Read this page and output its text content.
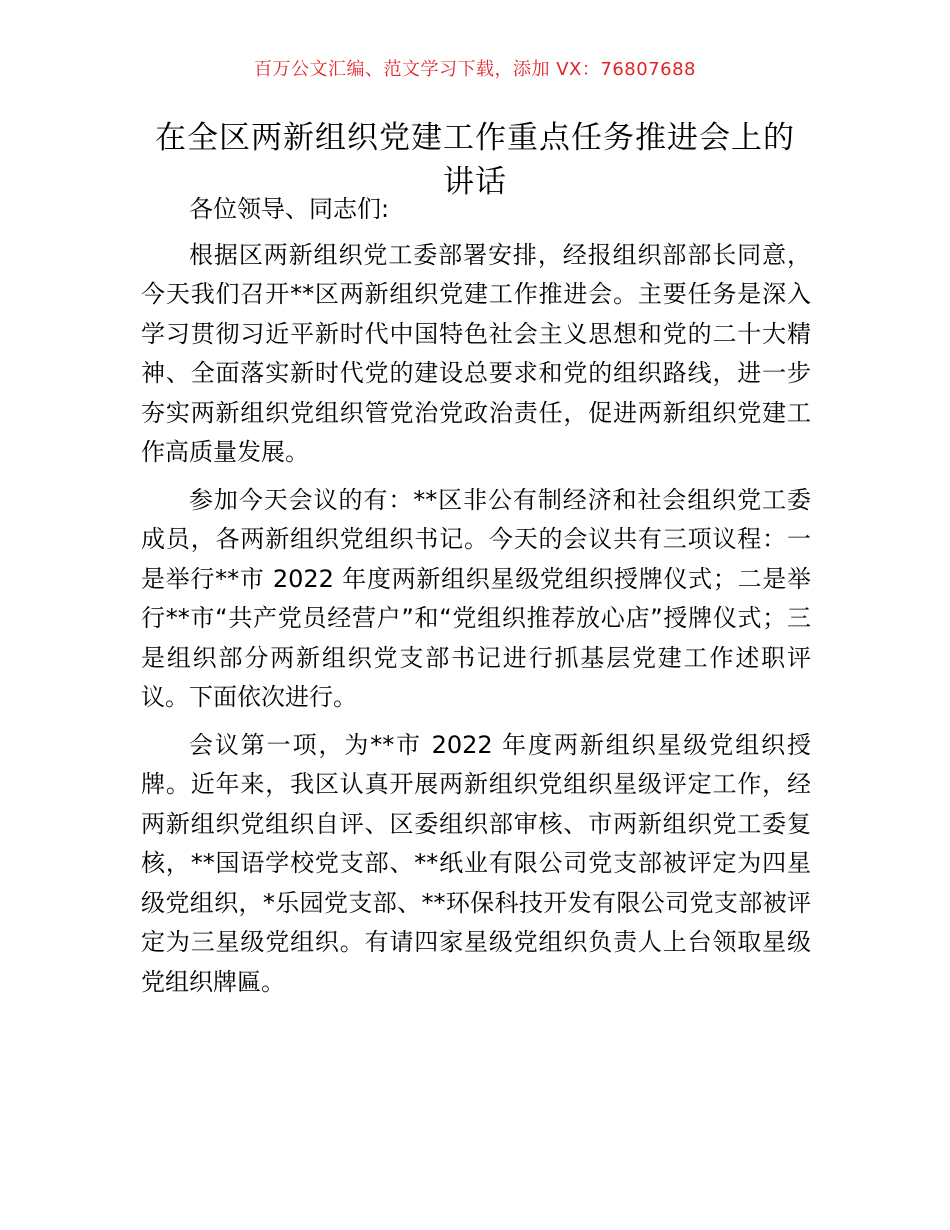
百万公文汇编、范文学习下载，添加 VX：76807688
在全区两新组织党建工作重点任务推进会上的讲话

各位领导、同志们:

根据区两新组织党工委部署安排，经报组织部部长同意，今天我们召开**区两新组织党建工作推进会。主要任务是深入学习贯彻习近平新时代中国特色社会主义思想和党的二十大精神、全面落实新时代党的建设总要求和党的组织路线，进一步夯实两新组织党组织管党治党政治责任，促进两新组织党建工作高质量发展。

参加今天会议的有：**区非公有制经济和社会组织党工委成员，各两新组织党组织书记。今天的会议共有三项议程：一是举行**市 2022 年度两新组织星级党组织授牌仪式；二是举行**市“共产党员经营户”和“党组织推荐放心店”授牌仪式；三是组织部分两新组织党支部书记进行抓基层党建工作述职评议。下面依次进行。

会议第一项，为**市 2022 年度两新组织星级党组织授牌。近年来，我区认真开展两新组织党组织星级评定工作，经两新组织党组织自评、区委组织部审核、市两新组织党工委复核，**国语学校党支部、**纸业有限公司党支部被评定为四星级党组织，*乐园党支部、**环保科技开发有限公司党支部被评定为三星级党组织。有请四家星级党组织负责人上台领取星级党组织牌匾。
